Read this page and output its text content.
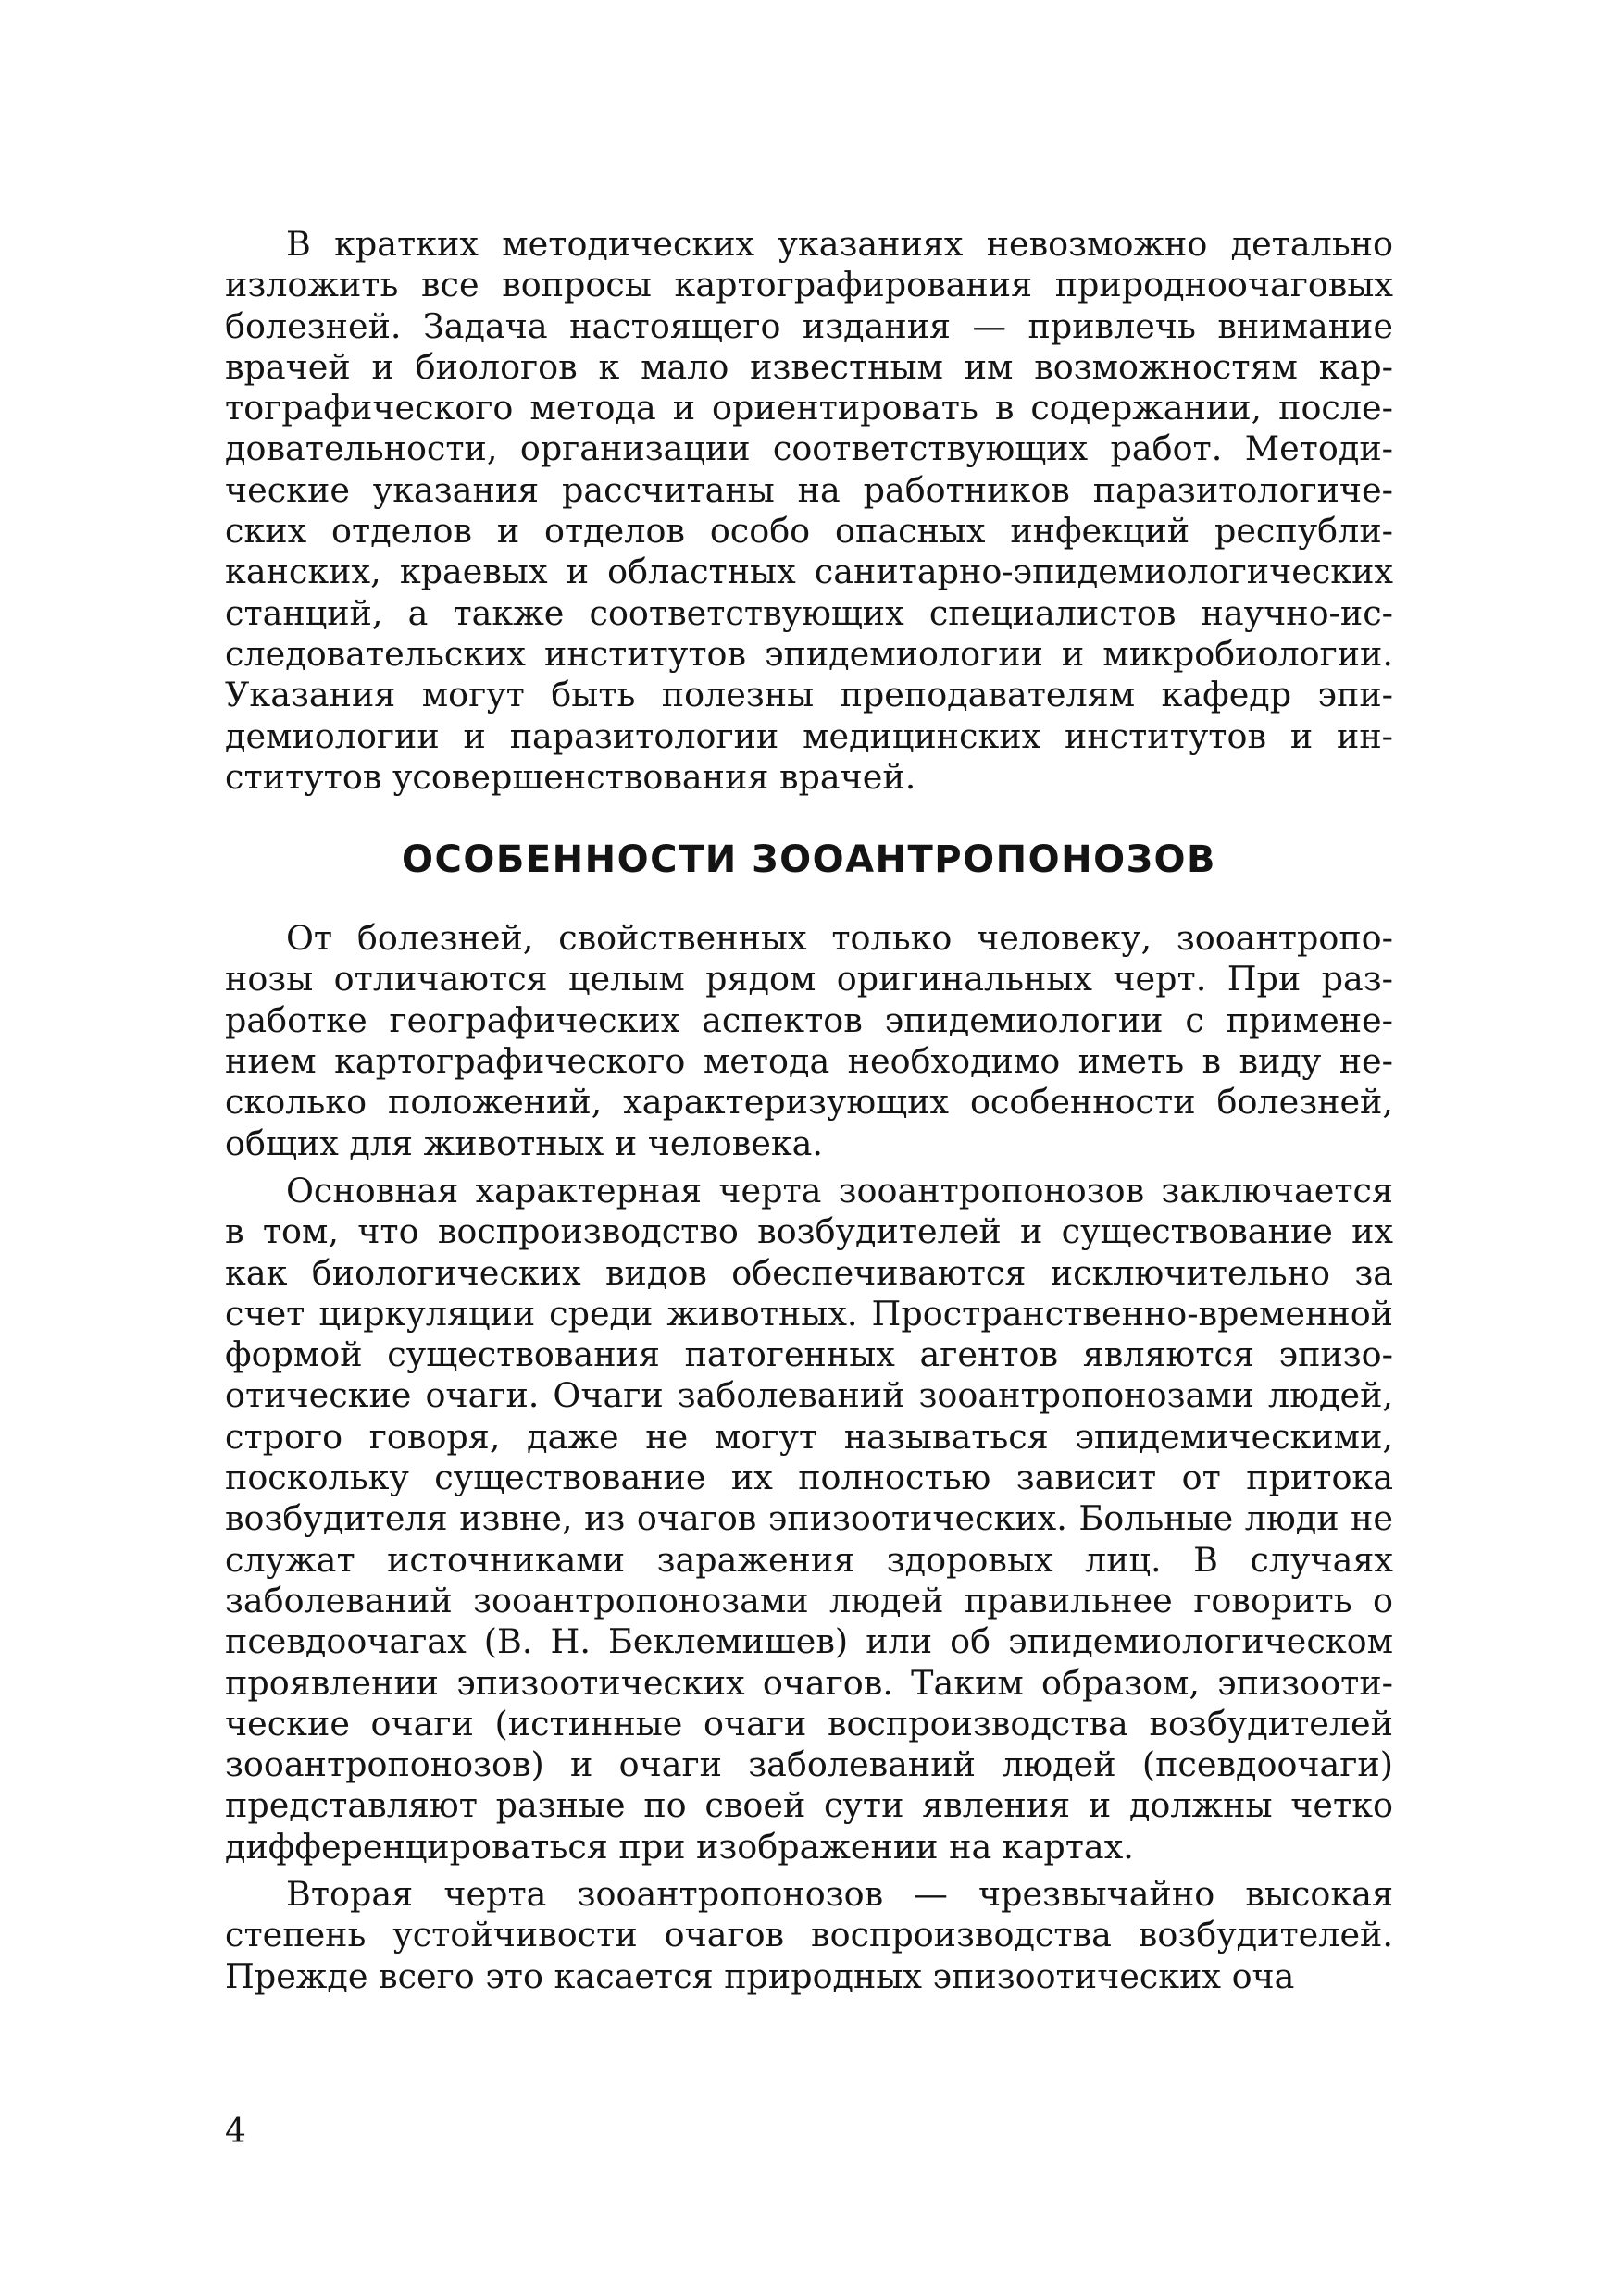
В кратких методических указаниях невозможно детально изложить все вопросы картографирования природноочаговых болезней. Задача настоящего издания — привлечь внимание врачей и биологов к мало известным им возможностям картографического метода и ориентировать в содержании, последовательности, организации соответствующих работ. Методические указания рассчитаны на работников паразитологических отделов и отделов особо опасных инфекций республиканских, краевых и областных санитарно-эпидемиологических станций, а также соответствующих специалистов научно-исследовательских институтов эпидемиологии и микробиологии. Указания могут быть полезны преподавателям кафедр эпидемиологии и паразитологии медицинских институтов и институтов усовершенствования врачей.

ОСОБЕННОСТИ ЗООАНТРОПОНОЗОВ

От болезней, свойственных только человеку, зооантропонозы отличаются целым рядом оригинальных черт. При разработке географических аспектов эпидемиологии с применением картографического метода необходимо иметь в виду несколько положений, характеризующих особенности болезней, общих для животных и человека.

Основная характерная черта зооантропонозов заключается в том, что воспроизводство возбудителей и существование их как биологических видов обеспечиваются исключительно за счет циркуляции среди животных. Пространственно-временной формой существования патогенных агентов являются эпизоотические очаги. Очаги заболеваний зооантропонозами людей, строго говоря, даже не могут называться эпидемическими, поскольку существование их полностью зависит от притока возбудителя извне, из очагов эпизоотических. Больные люди не служат источниками заражения здоровых лиц. В случаях заболеваний зооантропонозами людей правильнее говорить о псевдоочагах (В. Н. Беклемишев) или об эпидемиологическом проявлении эпизоотических очагов. Таким образом, эпизоотические очаги (истинные очаги воспроизводства возбудителей зооантропонозов) и очаги заболеваний людей (псевдоочаги) представляют разные по своей сути явления и должны четко дифференцироваться при изображении на картах.

Вторая черта зооантропонозов — чрезвычайно высокая степень устойчивости очагов воспроизводства возбудителей. Прежде всего это касается природных эпизоотических оча

4
